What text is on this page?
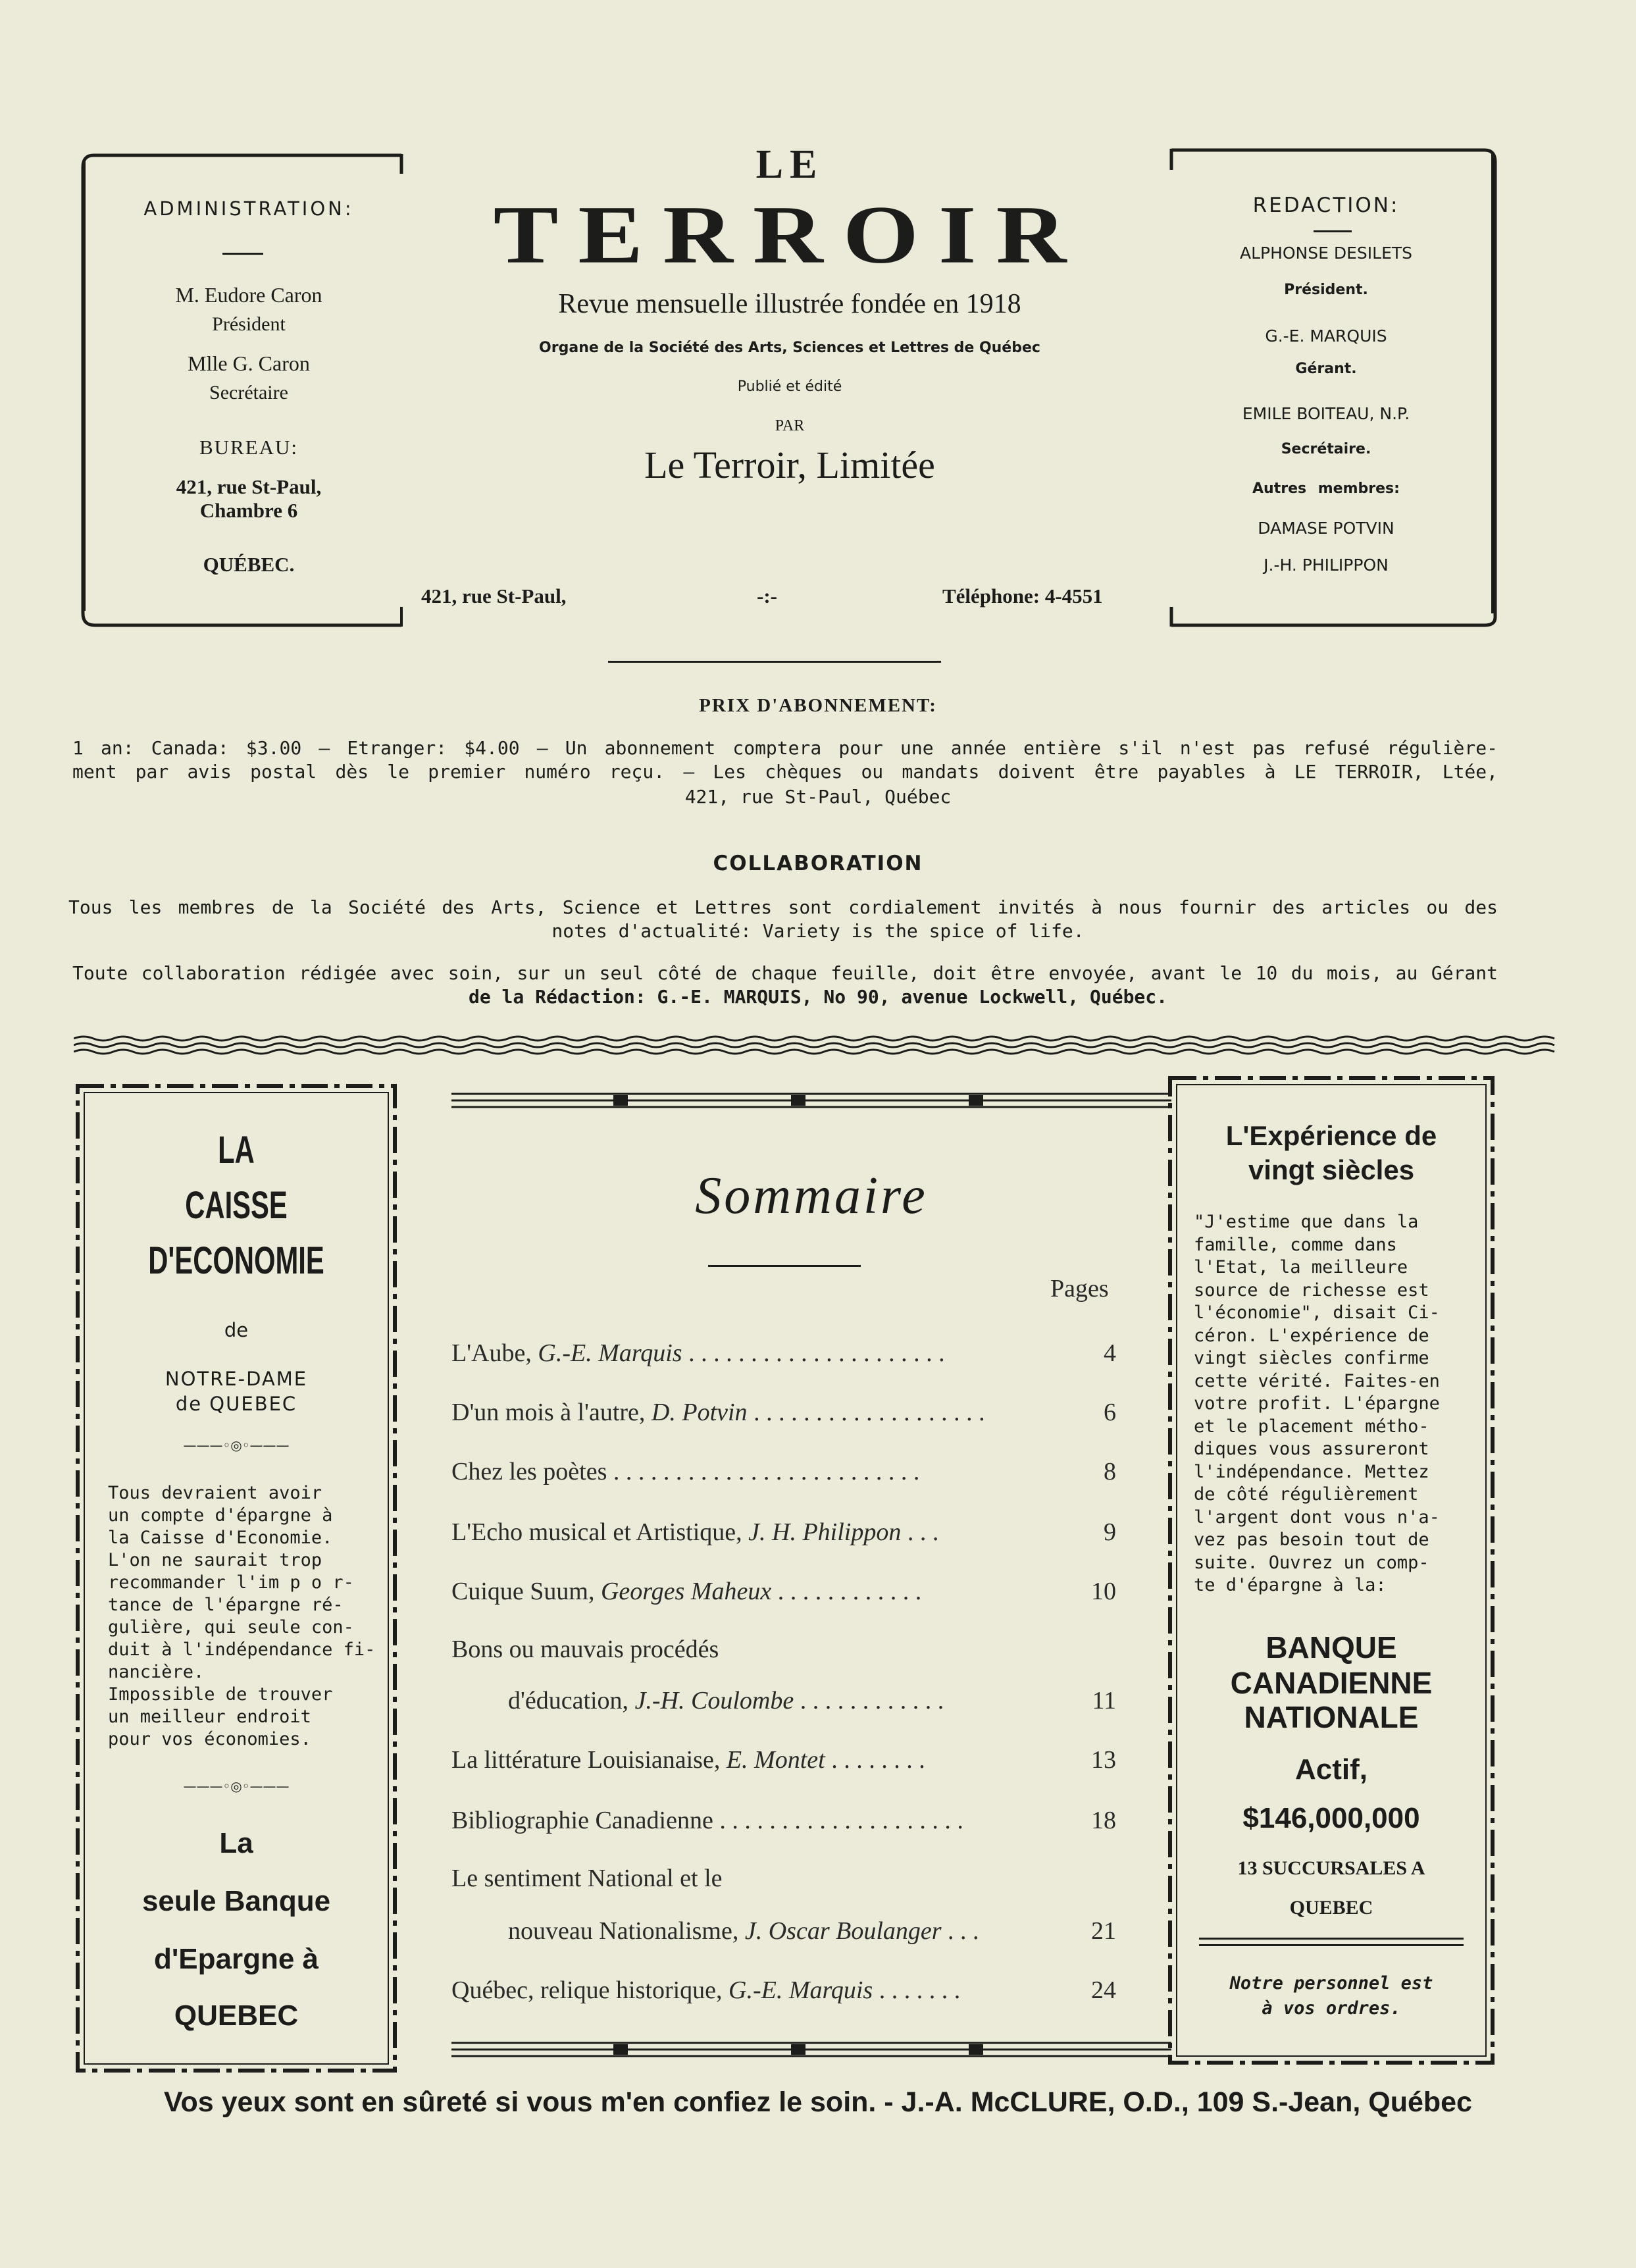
ADMINISTRATION:
M. Eudore Caron
Président
Mlle G. Caron
Secrétaire
BUREAU:
421, rue St-Paul,
Chambre 6
QUÉBEC.
LE
TERROIR
Revue mensuelle illustrée fondée en 1918
Organe de la Société des Arts, Sciences et Lettres de Québec
Publié et édité
PAR
Le Terroir, Limitée
421, rue St-Paul,	-:-	Téléphone: 4-4551
REDACTION:
ALPHONSE DESILETS
Président.
G.-E. MARQUIS
Gérant.
EMILE BOITEAU, N.P.
Secrétaire.
Autres membres:
DAMASE POTVIN
J.-H. PHILIPPON
PRIX D'ABONNEMENT:
1 an: Canada: $3.00 — Etranger: $4.00 — Un abonnement comptera pour une année entière s'il n'est pas refusé régulière-
ment par avis postal dès le premier numéro reçu. — Les chèques ou mandats doivent être payables à LE TERROIR, Ltée,
421, rue St-Paul, Québec
COLLABORATION
Tous les membres de la Société des Arts, Science et Lettres sont cordialement invités à nous fournir des articles ou des
notes d'actualité: Variety is the spice of life.
Toute collaboration rédigée avec soin, sur un seul côté de chaque feuille, doit être envoyée, avant le 10 du mois, au Gérant
de la Rédaction: G.-E. MARQUIS, No 90, avenue Lockwell, Québec.
LA
CAISSE
D'ECONOMIE
de
NOTRE-DAME
de QUEBEC
———◦◎◦———
Tous devraient avoir
un compte d'épargne à
la Caisse d'Economie.
L'on ne saurait trop
recommander l'im p o r-
tance de l'épargne ré-
gulière, qui seule con-
duit à l'indépendance fi-
nancière.
Impossible de trouver
un meilleur endroit
pour vos économies.
———◦◎◦———
La
seule Banque
d'Epargne à
QUEBEC
Sommaire
Pages
L'Aube, G.-E. Marquis . . . . . . . . . . . . . . . . . . . . .	4
D'un mois à l'autre, D. Potvin . . . . . . . . . . . . . . . . . . .	6
Chez les poètes . . . . . . . . . . . . . . . . . . . . . . . . .	8
L'Echo musical et Artistique, J. H. Philippon . . .	9
Cuique Suum, Georges Maheux . . . . . . . . . . . .	10
Bons ou mauvais procédés
d'éducation, J.-H. Coulombe . . . . . . . . . . . .	11
La littérature Louisianaise, E. Montet . . . . . . . .	13
Bibliographie Canadienne . . . . . . . . . . . . . . . . . . . .	18
Le sentiment National et le
nouveau Nationalisme, J. Oscar Boulanger . . .	21
Québec, relique historique, G.-E. Marquis . . . . . . .	24
L'Expérience de
vingt siècles
"J'estime que dans la
famille, comme dans
l'Etat, la meilleure
source de richesse est
l'économie", disait Ci-
céron. L'expérience de
vingt siècles confirme
cette vérité. Faites-en
votre profit. L'épargne
et le placement métho-
diques vous assureront
l'indépendance. Mettez
de côté régulièrement
l'argent dont vous n'a-
vez pas besoin tout de
suite. Ouvrez un comp-
te d'épargne à la:
BANQUE
CANADIENNE
NATIONALE
Actif,
$146,000,000
13 SUCCURSALES A
QUEBEC
Notre personnel est
à vos ordres.
Vos yeux sont en sûreté si vous m'en confiez le soin. - J.-A. McCLURE, O.D., 109 S.-Jean, Québec
